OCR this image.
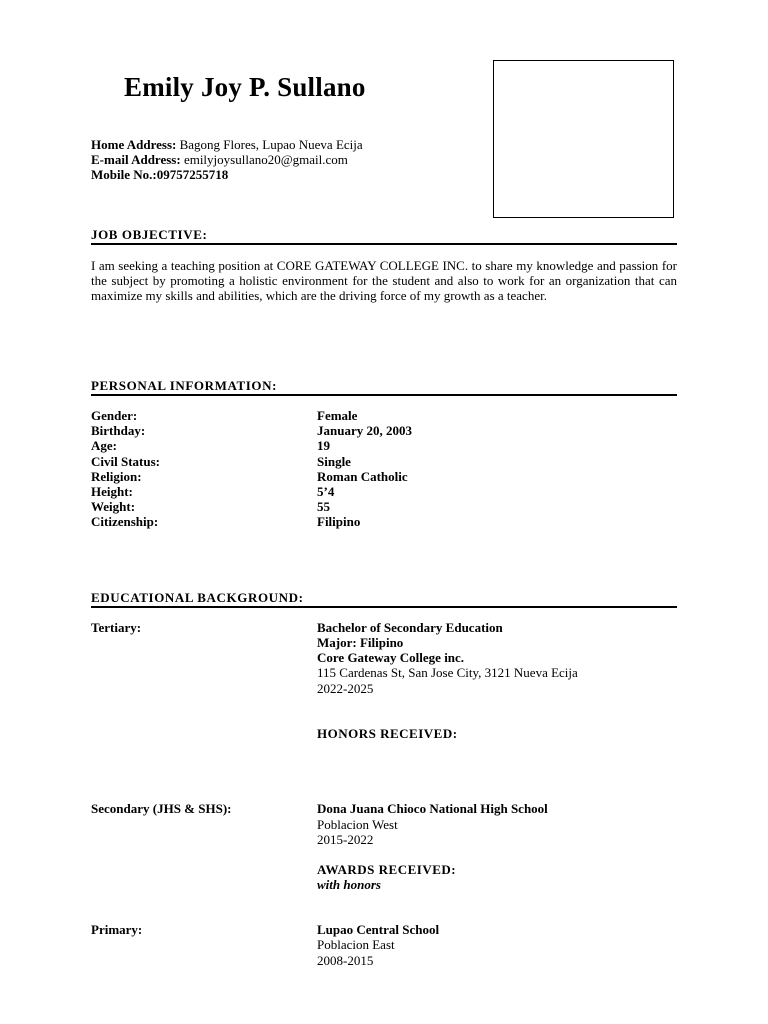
Emily Joy P. Sullano
Home Address: Bagong Flores, Lupao Nueva Ecija
E-mail Address: emilyjoysullano20@gmail.com
Mobile No.:09757255718
JOB OBJECTIVE:
I am seeking a teaching position at CORE GATEWAY COLLEGE INC. to share my knowledge and passion for the subject by promoting a holistic environment for the student and also to work for an organization that can maximize my skills and abilities, which are the driving force of my growth as a teacher.
PERSONAL INFORMATION:
Gender:	Female
Birthday:	January 20, 2003
Age:	19
Civil Status:	Single
Religion:	Roman Catholic
Height:	5’4
Weight:	55
Citizenship:	Filipino
EDUCATIONAL BACKGROUND:
Tertiary:	Bachelor of Secondary Education
Major: Filipino
Core Gateway College inc.
115 Cardenas St, San Jose City, 3121 Nueva Ecija
2022-2025
HONORS RECEIVED:
Secondary (JHS & SHS):	Dona Juana Chioco National High School
Poblacion West
2015-2022
AWARDS RECEIVED:
with honors
Primary:	Lupao Central School
Poblacion East
2008-2015
